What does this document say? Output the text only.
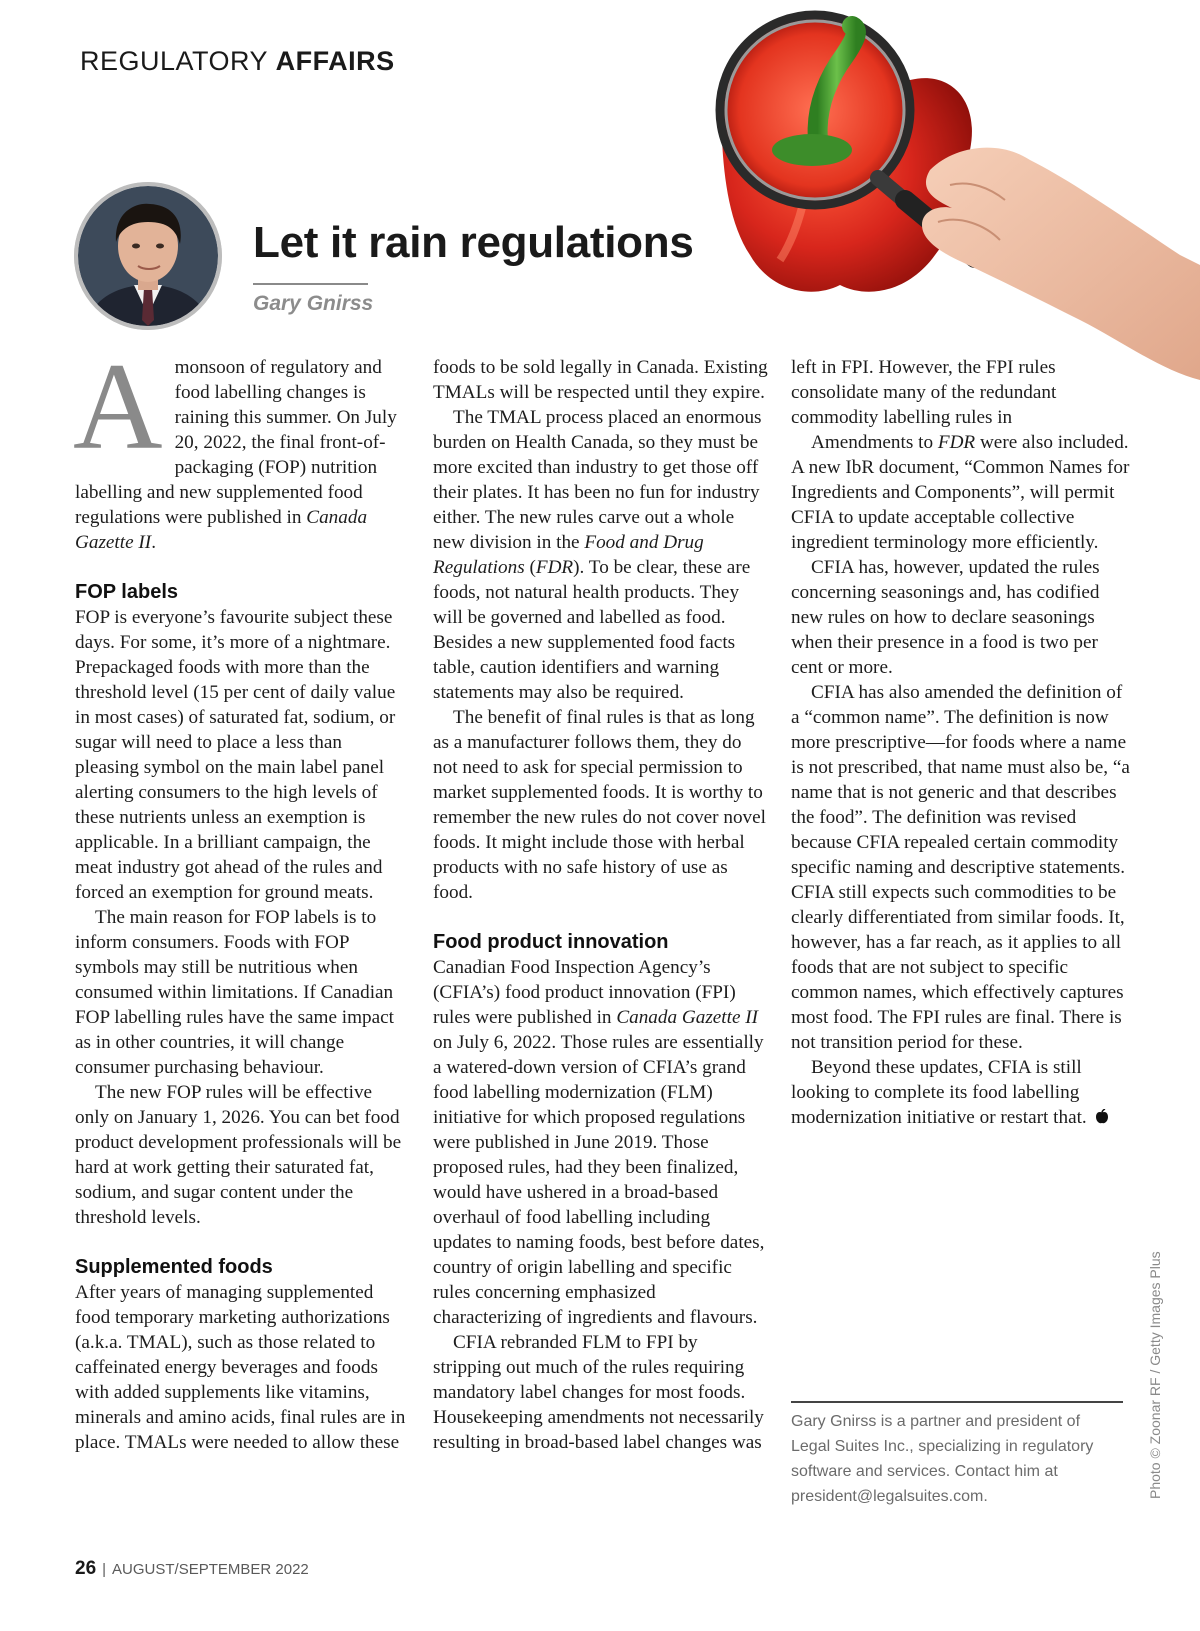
REGULATORY AFFAIRS
Let it rain regulations
Gary Gnirss

Amonsoon of regulatory and food labelling changes is raining this summer. On July 20, 2022, the final front-of-packaging (FOP) nutrition labelling and new supplemented food regulations were published in Canada Gazette II.

FOP labels

FOP is everyone’s favourite subject these days. For some, it’s more of a nightmare. Prepackaged foods with more than the threshold level (15 per cent of daily value in most cases) of saturated fat, sodium, or sugar will need to place a less than pleasing symbol on the main label panel alerting consumers to the high levels of these nutrients unless an exemption is applicable. In a brilliant campaign, the meat industry got ahead of the rules and forced an exemption for ground meats.

The main reason for FOP labels is to inform consumers. Foods with FOP symbols may still be nutritious when consumed within limitations. If Canadian FOP labelling rules have the same impact as in other countries, it will change consumer purchasing behaviour.

The new FOP rules will be effective only on January 1, 2026. You can bet food product development professionals will be hard at work getting their saturated fat, sodium, and sugar content under the threshold levels.

Supplemented foods

After years of managing supplemented food temporary marketing authorizations (a.k.a. TMAL), such as those related to caffeinated energy beverages and foods with added supplements like vitamins, minerals and amino acids, final rules are in place. TMALs were needed to allow these

foods to be sold legally in Canada. Existing TMALs will be respected until they expire.

The TMAL process placed an enormous burden on Health Canada, so they must be more excited than industry to get those off their plates. It has been no fun for industry either. The new rules carve out a whole new division in the Food and Drug Regulations (FDR). To be clear, these are foods, not natural health products. They will be governed and labelled as food. Besides a new supplemented food facts table, caution identifiers and warning statements may also be required.

The benefit of final rules is that as long as a manufacturer follows them, they do not need to ask for special permission to market supplemented foods. It is worthy to remember the new rules do not cover novel foods. It might include those with herbal products with no safe history of use as food.

Food product innovation

Canadian Food Inspection Agency’s (CFIA’s) food product innovation (FPI) rules were published in Canada Gazette II on July 6, 2022. Those rules are essentially a watered-down version of CFIA’s grand food labelling modernization (FLM) initiative for which proposed regulations were published in June 2019. Those proposed rules, had they been finalized, would have ushered in a broad-based overhaul of food labelling including updates to naming foods, best before dates, country of origin labelling and specific rules concerning emphasized characterizing of ingredients and flavours.

CFIA rebranded FLM to FPI by stripping out much of the rules requiring mandatory label changes for most foods. Housekeeping amendments not necessarily resulting in broad-based label changes was

left in FPI. However, the FPI rules consolidate many of the redundant commodity labelling rules in

Amendments to FDR were also included. A new IbR document, “Common Names for Ingredients and Components”, will permit CFIA to update acceptable collective ingredient terminology more efficiently.

CFIA has, however, updated the rules concerning seasonings and, has codified new rules on how to declare seasonings when their presence in a food is two per cent or more.

CFIA has also amended the definition of a “common name”. The definition is now more prescriptive—for foods where a name is not prescribed, that name must also be, “a name that is not generic and that describes the food”. The definition was revised because CFIA repealed certain commodity specific naming and descriptive statements. CFIA still expects such commodities to be clearly differentiated from similar foods. It, however, has a far reach, as it applies to all foods that are not subject to specific common names, which effectively captures most food. The FPI rules are final. There is not transition period for these.

Beyond these updates, CFIA is still looking to complete its food labelling modernization initiative or restart that.

Gary Gnirss is a partner and president of Legal Suites Inc., specializing in regulatory software and services. Contact him at president@legalsuites.com.	Photo © Zoonar RF / Getty Images Plus
26 | AUGUST/SEPTEMBER 2022
